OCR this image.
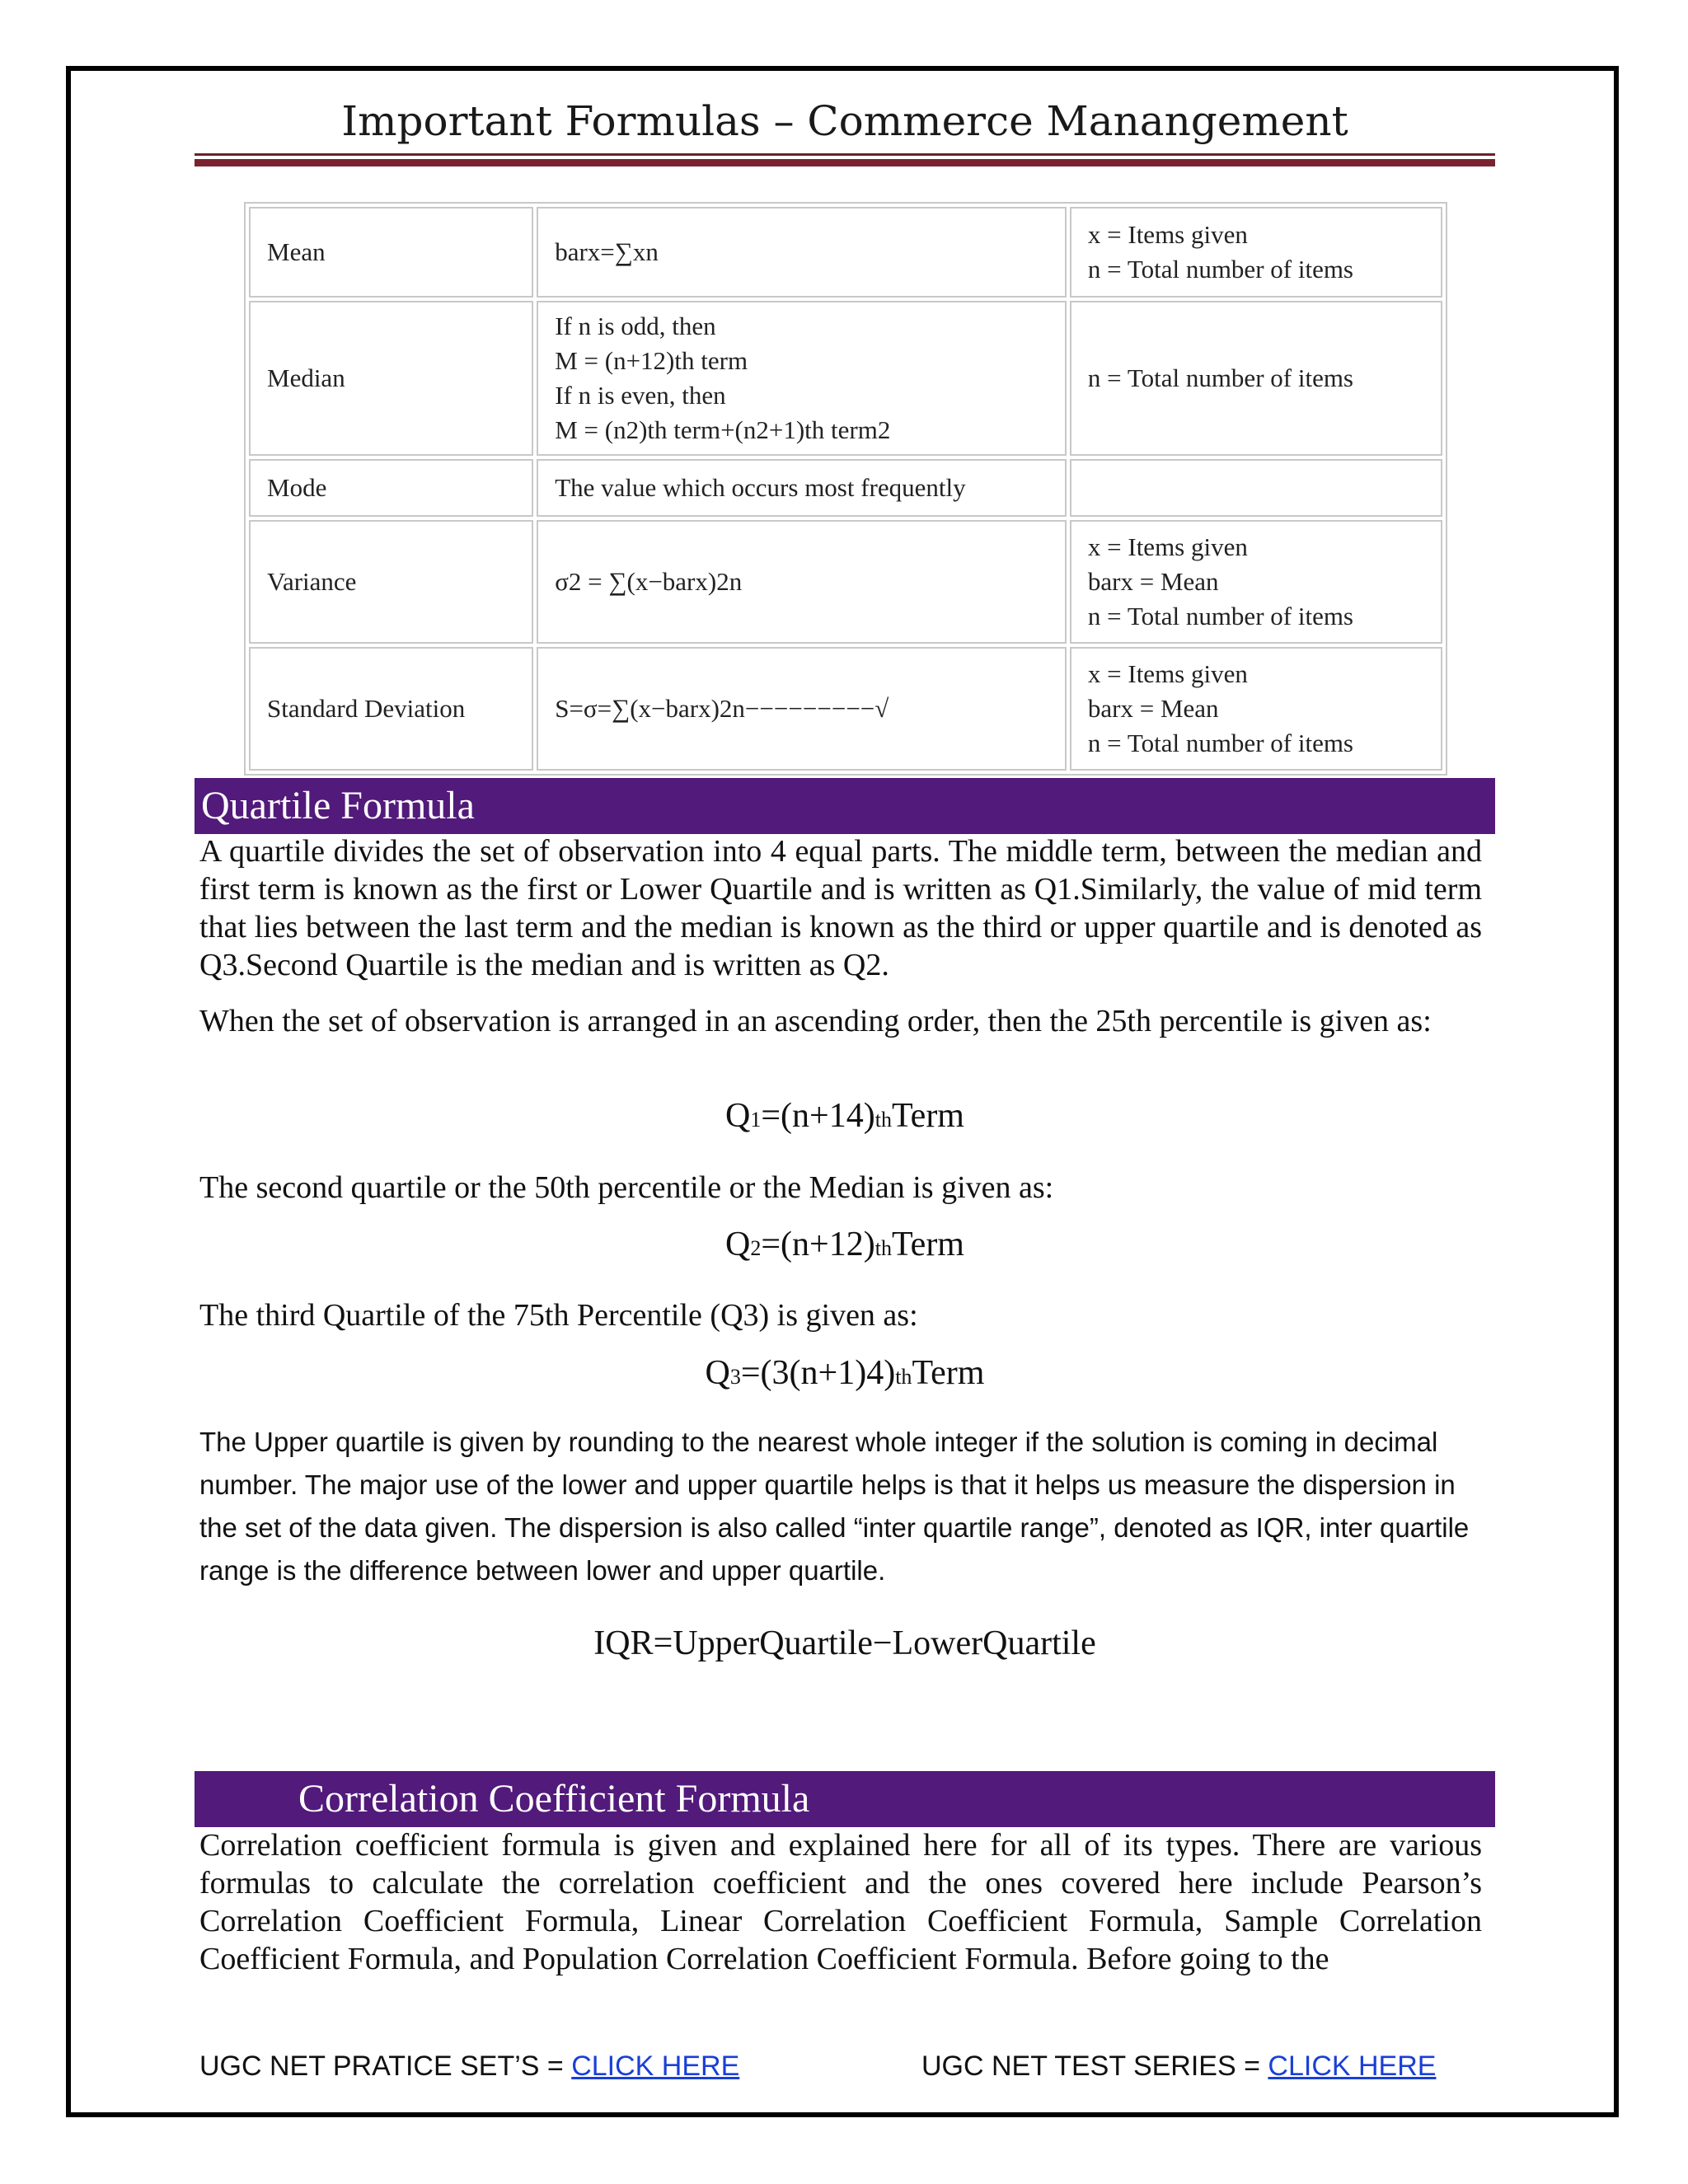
Important Formulas – Commerce Manangement
Mean	barx=∑xn	x = Items given
n = Total number of items

Median	If n is odd, then
M = (n+12)th term
If n is even, then
M = (n2)th term+(n2+1)th term2	n = Total number of items

Mode	The value which occurs most frequently	
Variance	σ2 = ∑(x−barx)2n	x = Items given
barx = Mean
n = Total number of items

Standard Deviation	S=σ=∑(x−barx)2n−−−−−−−−−√	x = Items given
barx = Mean
n = Total number of items
Quartile Formula

A quartile divides the set of observation into 4 equal parts. The middle term, between the median and first term is known as the first or Lower Quartile and is written as Q1.Similarly, the value of mid term that lies between the last term and the median is known as the third or upper quartile and is denoted as Q3.Second Quartile is the median and is written as Q2.

When the set of observation is arranged in an ascending order, then the 25th percentile is given as:

Q1=(n+14)thTerm

The second quartile or the 50th percentile or the Median is given as:

Q2=(n+12)thTerm

The third Quartile of the 75th Percentile (Q3) is given as:

Q3=(3(n+1)4)thTerm

The Upper quartile is given by rounding to the nearest whole integer if the solution is coming in decimal number. The major use of the lower and upper quartile helps is that it helps us measure the dispersion in the set of the data given. The dispersion is also called “inter quartile range”, denoted as IQR, inter quartile range is the difference between lower and upper quartile.

IQR=UpperQuartile−LowerQuartile
Correlation Coefficient Formula

Correlation coefficient formula is given and explained here for all of its types. There are various formulas to calculate the correlation coefficient and the ones covered here include Pearson’s Correlation Coefficient Formula, Linear Correlation Coefficient Formula, Sample Correlation Coefficient Formula, and Population Correlation Coefficient Formula. Before going to the

UGC NET PRATICE SET’S = CLICK HERE	UGC NET TEST SERIES = CLICK HERE
